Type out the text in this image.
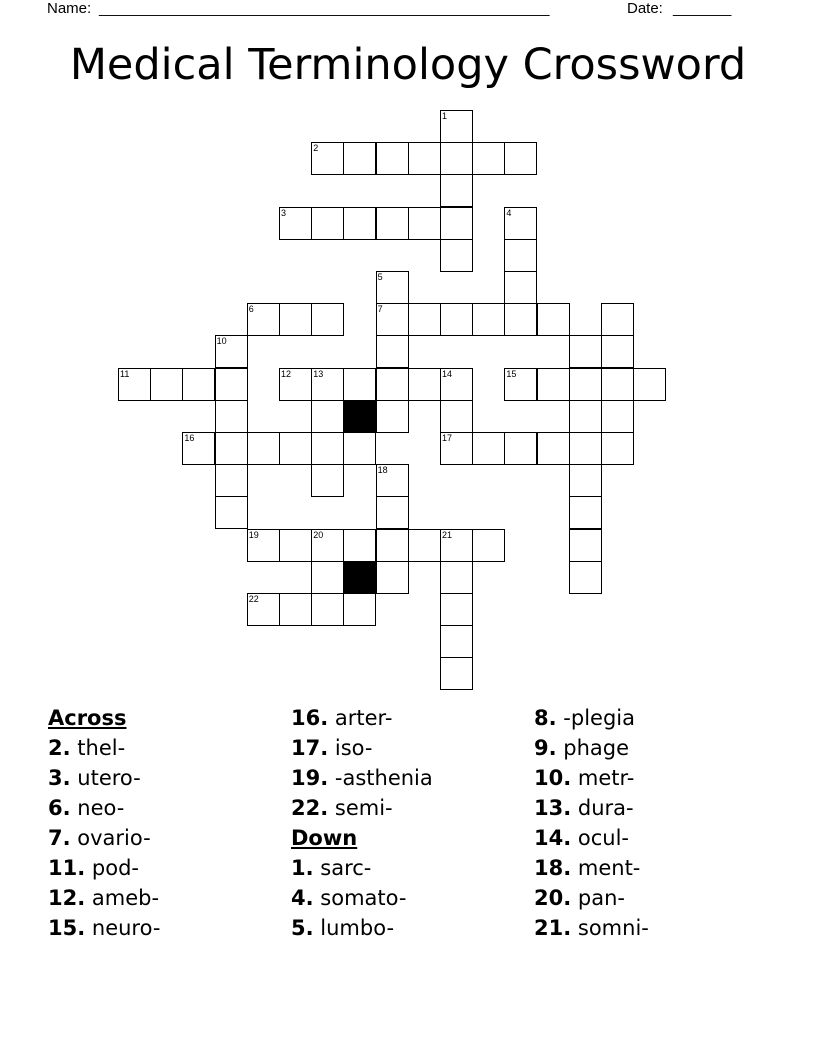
Name: ______________________________________________________	Date: _______
Medical Terminology Crossword
1
2
3	4
5
6	7
10
11	12 13	14	15
16	17
18
19	20	21
22
Across
2. thel-
3. utero-
6. neo-
7. ovario-
11. pod-
12. ameb-
15. neuro-
16. arter-
17. iso-
19. -asthenia
22. semi-
Down
1. sarc-
4. somato-
5. lumbo-
8. -plegia
9. phage
10. metr-
13. dura-
14. ocul-
18. ment-
20. pan-
21. somni-
